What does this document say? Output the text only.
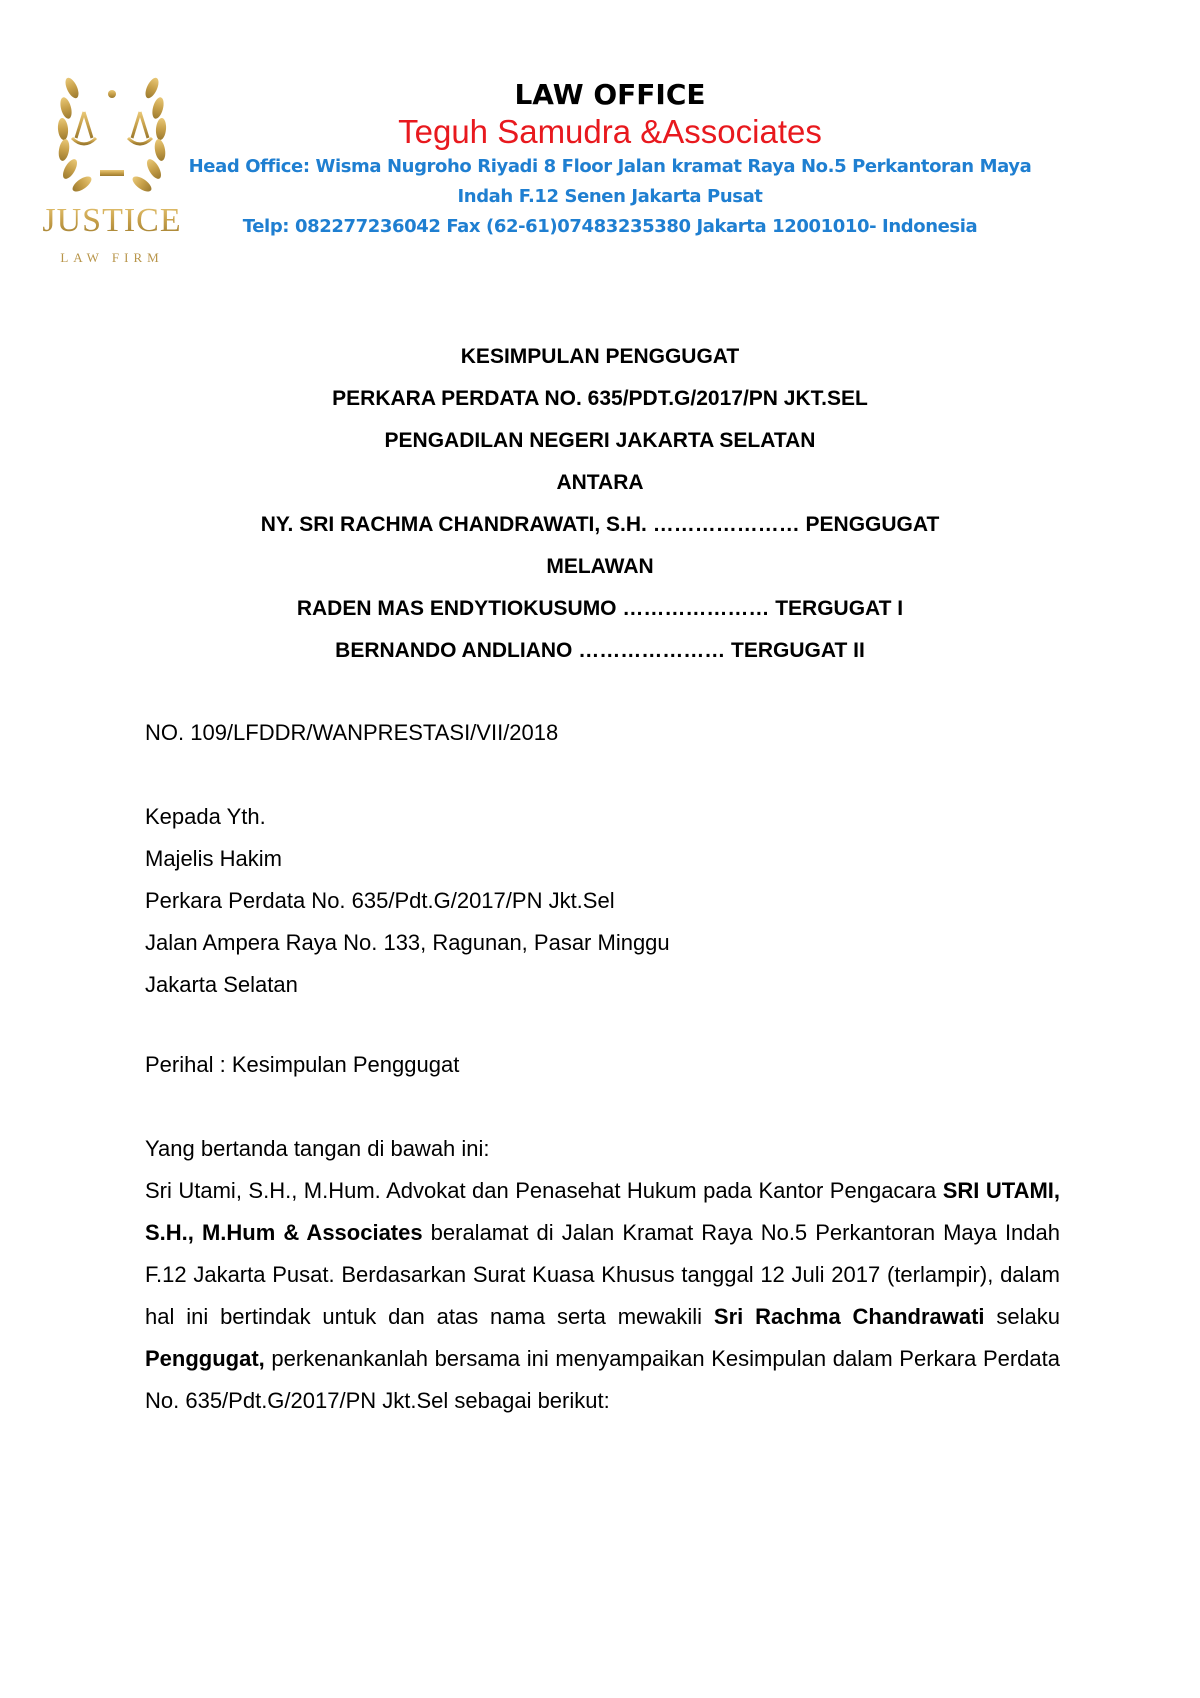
JUSTICE
LAW FIRM
LAW OFFICE
Teguh Samudra &Associates
Head Office: Wisma Nugroho Riyadi 8 Floor Jalan kramat Raya No.5 Perkantoran Maya
Indah F.12 Senen Jakarta Pusat
Telp: 082277236042 Fax (62-61)07483235380 Jakarta 12001010- Indonesia
KESIMPULAN PENGGUGAT
PERKARA PERDATA NO. 635/PDT.G/2017/PN JKT.SEL
PENGADILAN NEGERI JAKARTA SELATAN
ANTARA
NY. SRI RACHMA CHANDRAWATI, S.H. ………………… PENGGUGAT
MELAWAN
RADEN MAS ENDYTIOKUSUMO ………………… TERGUGAT I
BERNANDO ANDLIANO ………………… TERGUGAT II
NO. 109/LFDDR/WANPRESTASI/VII/2018
Kepada Yth.
Majelis Hakim
Perkara Perdata No. 635/Pdt.G/2017/PN Jkt.Sel
Jalan Ampera Raya No. 133, Ragunan, Pasar Minggu
Jakarta Selatan
Perihal : Kesimpulan Penggugat
Yang bertanda tangan di bawah ini:
Sri Utami, S.H., M.Hum. Advokat dan Penasehat Hukum pada Kantor Pengacara SRI UTAMI, S.H., M.Hum & Associates beralamat di Jalan Kramat Raya No.5 Perkantoran Maya Indah F.12 Jakarta Pusat. Berdasarkan Surat Kuasa Khusus tanggal 12 Juli 2017 (terlampir), dalam hal ini bertindak untuk dan atas nama serta mewakili Sri Rachma Chandrawati selaku Penggugat, perkenankanlah bersama ini menyampaikan Kesimpulan dalam Perkara Perdata No. 635/Pdt.G/2017/PN Jkt.Sel sebagai berikut:
